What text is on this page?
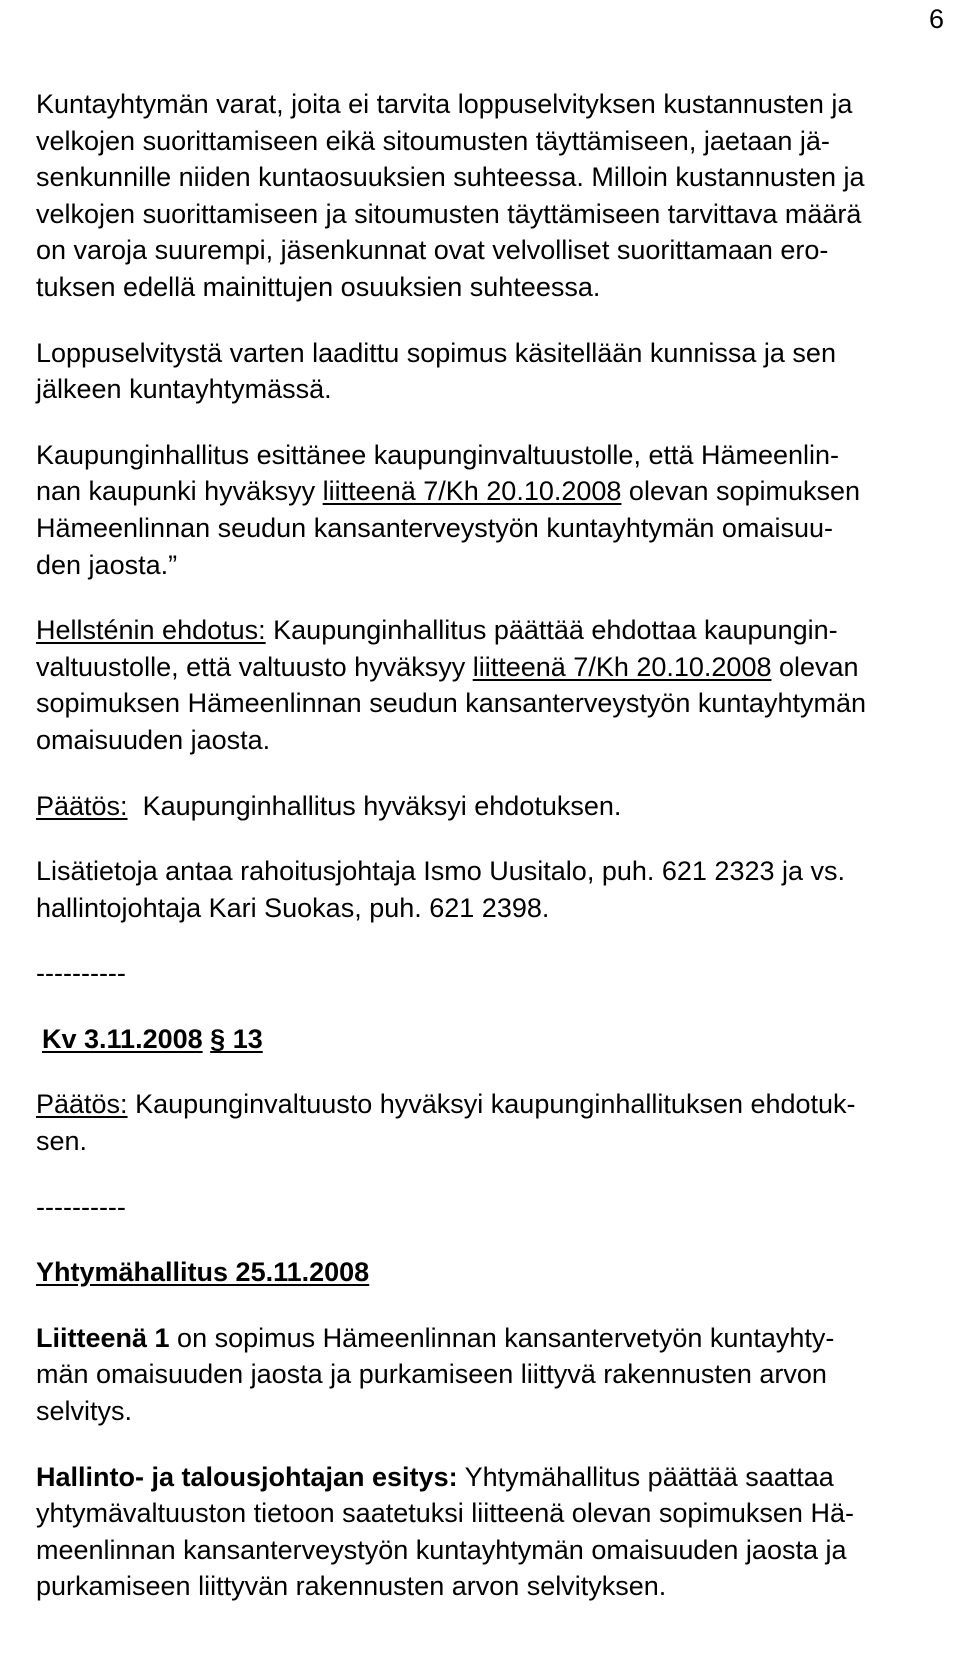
6

Kuntayhtymän varat, joita ei tarvita loppuselvityksen kustannusten ja
velkojen suorittamiseen eikä sitoumusten täyttämiseen, jaetaan jä-
senkunnille niiden kuntaosuuksien suhteessa. Milloin kustannusten ja
velkojen suorittamiseen ja sitoumusten täyttämiseen tarvittava määrä
on varoja suurempi, jäsenkunnat ovat velvolliset suorittamaan ero-
tuksen edellä mainittujen osuuksien suhteessa.

Loppuselvitystä varten laadittu sopimus käsitellään kunnissa ja sen
jälkeen kuntayhtymässä.

Kaupunginhallitus esittänee kaupunginvaltuustolle, että Hämeenlin-
nan kaupunki hyväksyy liitteenä 7/Kh 20.10.2008 olevan sopimuksen
Hämeenlinnan seudun kansanterveystyön kuntayhtymän omaisuu-
den jaosta.”

Hellsténin ehdotus: Kaupunginhallitus päättää ehdottaa kaupungin-
valtuustolle, että valtuusto hyväksyy liitteenä 7/Kh 20.10.2008 olevan
sopimuksen Hämeenlinnan seudun kansanterveystyön kuntayhtymän
omaisuuden jaosta.

Päätös:  Kaupunginhallitus hyväksyi ehdotuksen.

Lisätietoja antaa rahoitusjohtaja Ismo Uusitalo, puh. 621 2323 ja vs.
hallintojohtaja Kari Suokas, puh. 621 2398.

----------

Kv 3.11.2008 § 13

Päätös: Kaupunginvaltuusto hyväksyi kaupunginhallituksen ehdotuk-
sen.

----------

Yhtymähallitus 25.11.2008

Liitteenä 1 on sopimus Hämeenlinnan kansantervetyön kuntayhty-
män omaisuuden jaosta ja purkamiseen liittyvä rakennusten arvon
selvitys.

Hallinto- ja talousjohtajan esitys: Yhtymähallitus päättää saattaa
yhtymävaltuuston tietoon saatetuksi liitteenä olevan sopimuksen Hä-
meenlinnan kansanterveystyön kuntayhtymän omaisuuden jaosta ja
purkamiseen liittyvän rakennusten arvon selvityksen.
